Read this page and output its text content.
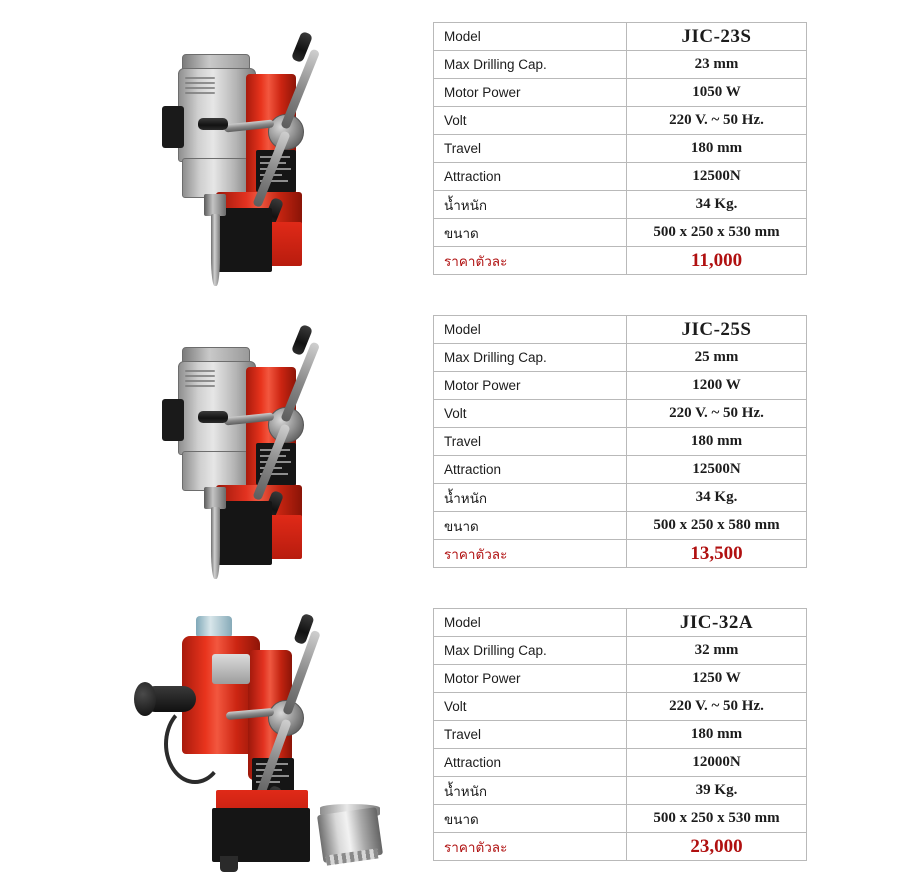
Model	JIC-23S
Max Drilling Cap.	23 mm
Motor Power	1050 W
Volt	220 V. ~ 50 Hz.
Travel	180 mm
Attraction	12500N
น้ำหนัก	34 Kg.
ขนาด	500 x 250 x 530 mm
ราคาตัวละ	11,000
Model	JIC-25S
Max Drilling Cap.	25 mm
Motor Power	1200 W
Volt	220 V. ~ 50 Hz.
Travel	180 mm
Attraction	12500N
น้ำหนัก	34 Kg.
ขนาด	500 x 250 x 580 mm
ราคาตัวละ	13,500
Model	JIC-32A
Max Drilling Cap.	32 mm
Motor Power	1250 W
Volt	220 V. ~ 50 Hz.
Travel	180 mm
Attraction	12000N
น้ำหนัก	39 Kg.
ขนาด	500 x 250 x 530 mm
ราคาตัวละ	23,000
